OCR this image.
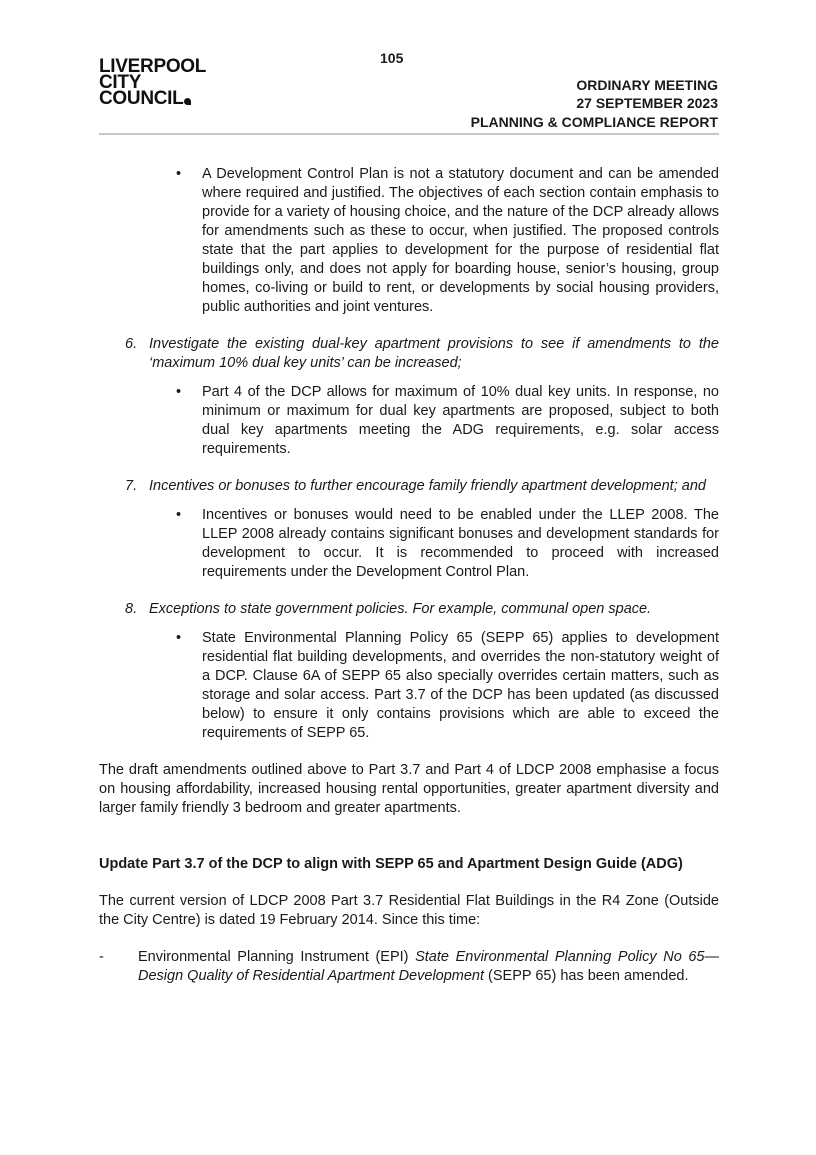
105
LIVERPOOL
CITY
COUNCIL
ORDINARY MEETING
27 SEPTEMBER 2023
PLANNING & COMPLIANCE REPORT
• A Development Control Plan is not a statutory document and can be amended where required and justified. The objectives of each section contain emphasis to provide for a variety of housing choice, and the nature of the DCP already allows for amendments such as these to occur, when justified. The proposed controls state that the part applies to development for the purpose of residential flat buildings only, and does not apply for boarding house, senior’s housing, group homes, co-living or build to rent, or developments by social housing providers, public authorities and joint ventures.
6. Investigate the existing dual-key apartment provisions to see if amendments to the ‘maximum 10% dual key units’ can be increased;
• Part 4 of the DCP allows for maximum of 10% dual key units. In response, no minimum or maximum for dual key apartments are proposed, subject to both dual key apartments meeting the ADG requirements, e.g. solar access requirements.
7. Incentives or bonuses to further encourage family friendly apartment development; and
• Incentives or bonuses would need to be enabled under the LLEP 2008. The LLEP 2008 already contains significant bonuses and development standards for development to occur. It is recommended to proceed with increased requirements under the Development Control Plan.
8. Exceptions to state government policies. For example, communal open space.
• State Environmental Planning Policy 65 (SEPP 65) applies to development residential flat building developments, and overrides the non-statutory weight of a DCP. Clause 6A of SEPP 65 also specially overrides certain matters, such as storage and solar access. Part 3.7 of the DCP has been updated (as discussed below) to ensure it only contains provisions which are able to exceed the requirements of SEPP 65.
The draft amendments outlined above to Part 3.7 and Part 4 of LDCP 2008 emphasise a focus on housing affordability, increased housing rental opportunities, greater apartment diversity and larger family friendly 3 bedroom and greater apartments.
Update Part 3.7 of the DCP to align with SEPP 65 and Apartment Design Guide (ADG)
The current version of LDCP 2008 Part 3.7 Residential Flat Buildings in the R4 Zone (Outside the City Centre) is dated 19 February 2014. Since this time:
- Environmental Planning Instrument (EPI) State Environmental Planning Policy No 65—Design Quality of Residential Apartment Development (SEPP 65) has been amended.
